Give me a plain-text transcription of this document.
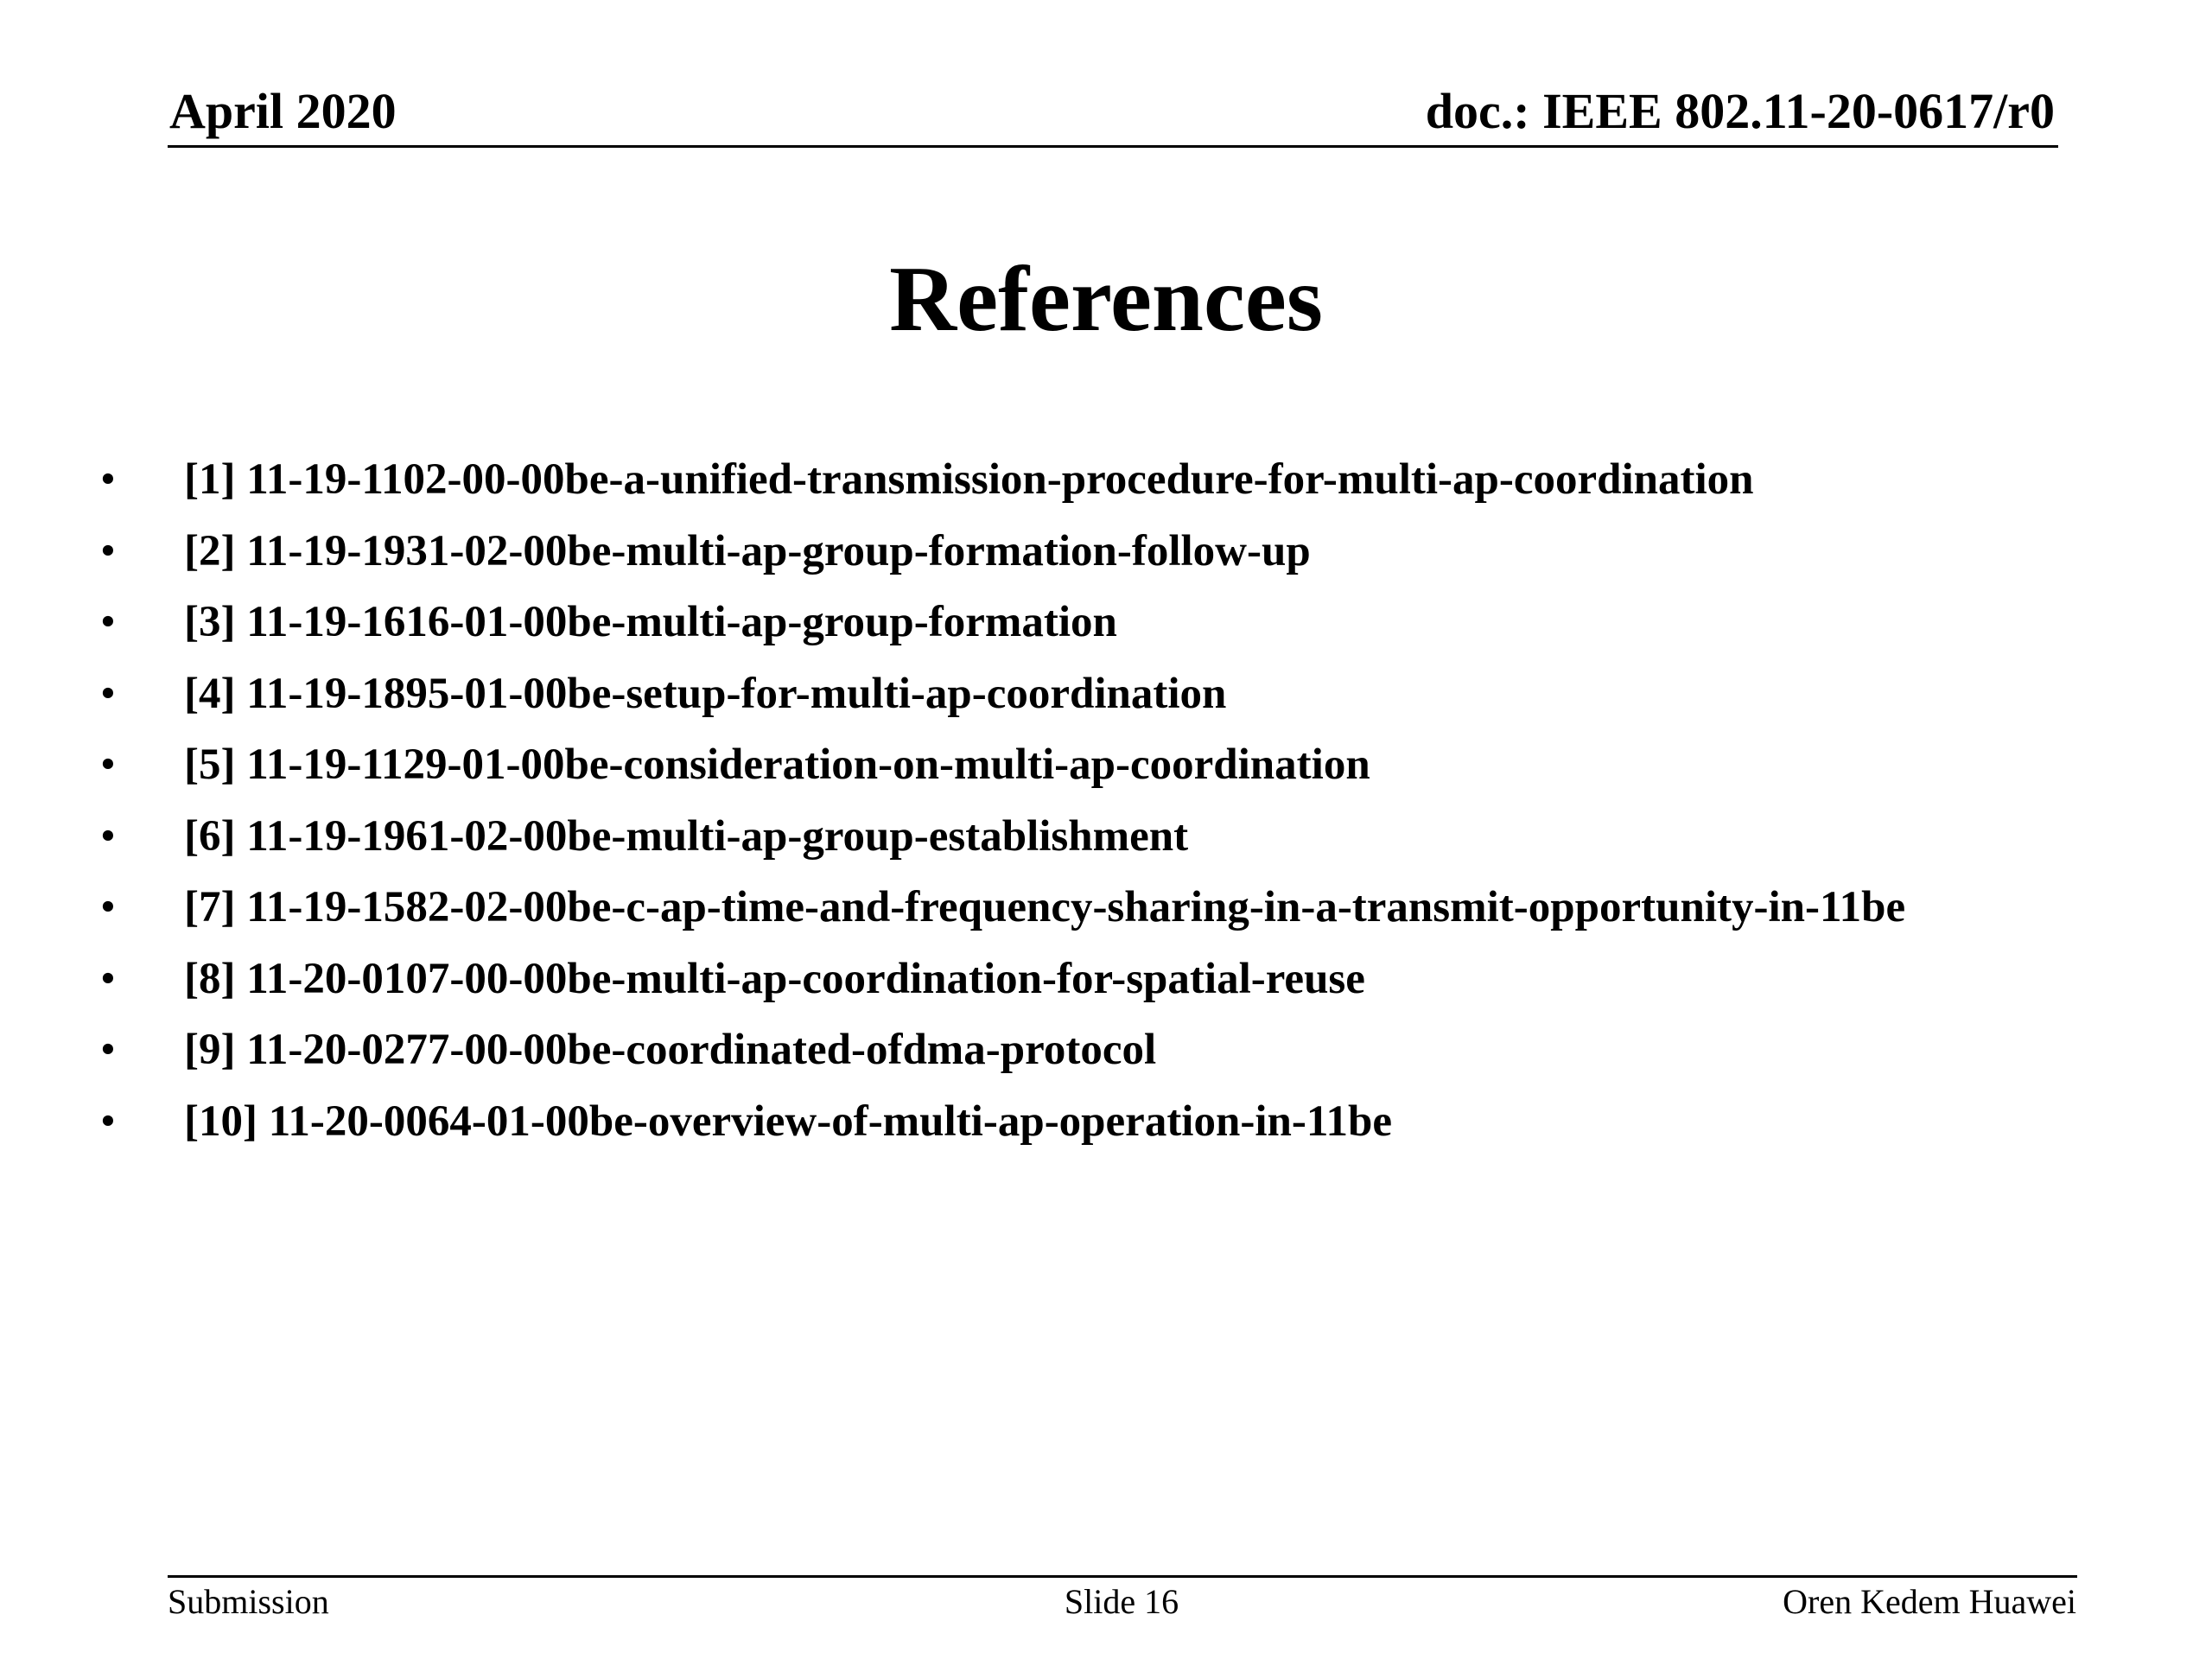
April 2020	doc.: IEEE 802.11-20-0617/r0
References
• [1] 11-19-1102-00-00be-a-unified-transmission-procedure-for-multi-ap-coordination
• [2] 11-19-1931-02-00be-multi-ap-group-formation-follow-up
• [3] 11-19-1616-01-00be-multi-ap-group-formation
• [4] 11-19-1895-01-00be-setup-for-multi-ap-coordination
• [5] 11-19-1129-01-00be-consideration-on-multi-ap-coordination
• [6] 11-19-1961-02-00be-multi-ap-group-establishment
• [7] 11-19-1582-02-00be-c-ap-time-and-frequency-sharing-in-a-transmit-opportunity-in-11be
• [8] 11-20-0107-00-00be-multi-ap-coordination-for-spatial-reuse
• [9] 11-20-0277-00-00be-coordinated-ofdma-protocol
• [10] 11-20-0064-01-00be-overview-of-multi-ap-operation-in-11be
Submission	Slide 16	Oren Kedem Huawei
